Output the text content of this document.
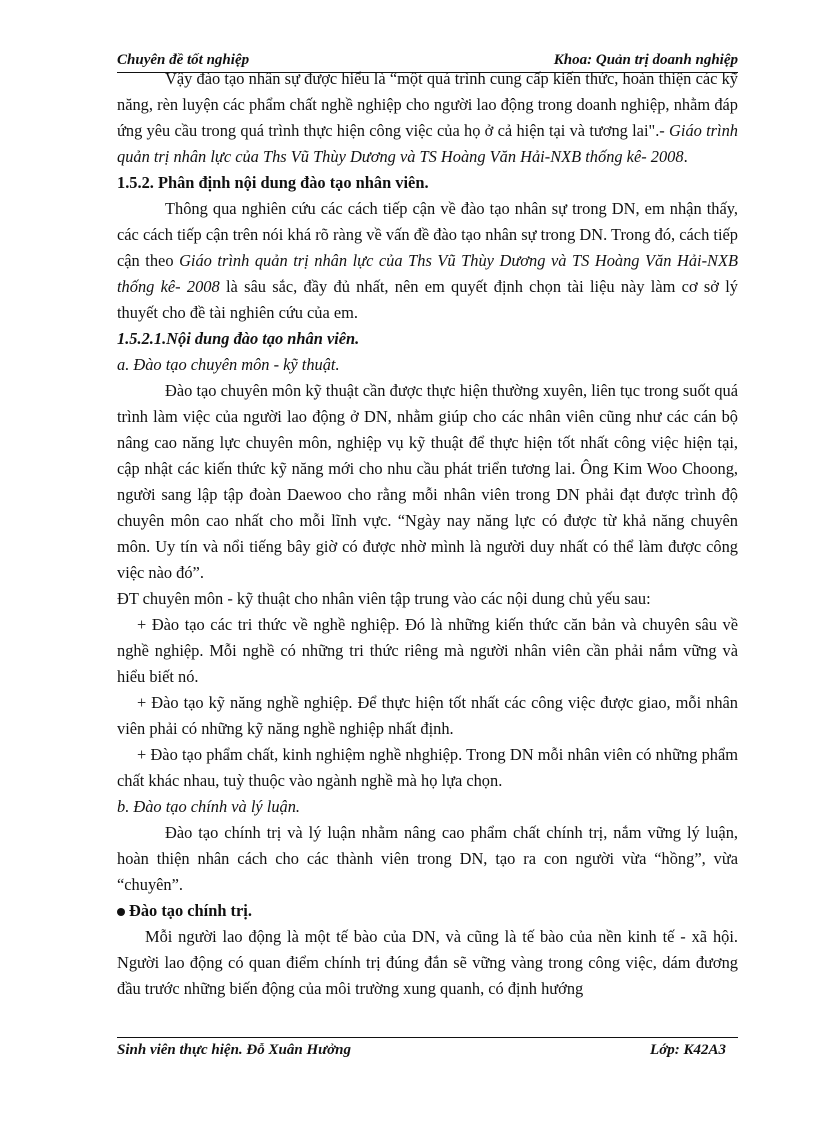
Chuyên đề tốt nghiệp	Khoa: Quản trị doanh nghiệp

Vậy đào tạo nhân sự được hiểu là “một quá trình cung cấp kiến thức, hoàn thiện các kỹ năng, rèn luyện các phẩm chất nghề nghiệp cho người lao động trong doanh nghiệp, nhằm đáp ứng yêu cầu trong quá trình thực hiện công việc của họ ở cả hiện tại và tương lai".- Giáo trình quản trị nhân lực của Ths Vũ Thùy Dương và TS Hoàng Văn Hải-NXB thống kê- 2008.

1.5.2. Phân định nội dung đào tạo nhân viên.

Thông qua nghiên cứu các cách tiếp cận về đào tạo nhân sự trong DN, em nhận thấy, các cách tiếp cận trên nói khá rõ ràng về vấn đề đào tạo nhân sự trong DN. Trong đó, cách tiếp cận theo Giáo trình quản trị nhân lực của Ths Vũ Thùy Dương và TS Hoàng Văn Hải-NXB thống kê- 2008 là sâu sắc, đầy đủ nhất, nên em quyết định chọn tài liệu này làm cơ sở lý thuyết cho đề tài nghiên cứu của em.

1.5.2.1.Nội dung đào tạo nhân viên.

a. Đào tạo chuyên môn - kỹ thuật.

Đào tạo chuyên môn kỹ thuật cần được thực hiện thường xuyên, liên tục trong suốt quá trình làm việc của người lao động ở DN, nhằm giúp cho các nhân viên cũng như các cán bộ nâng cao năng lực chuyên môn, nghiệp vụ kỹ thuật để thực hiện tốt nhất công việc hiện tại, cập nhật các kiến thức kỹ năng mới cho nhu cầu phát triển tương lai. Ông Kim Woo Choong, người sang lập tập đoàn Daewoo cho rằng mỗi nhân viên trong DN phải đạt được trình độ chuyên môn cao nhất cho mỗi lĩnh vực. “Ngày nay năng lực có được từ khả năng chuyên môn. Uy tín và nổi tiếng bây giờ có được nhờ mình là người duy nhất có thể làm được công việc nào đó”.

ĐT chuyên môn - kỹ thuật cho nhân viên tập trung vào các nội dung chủ yếu sau:

+ Đào tạo các tri thức về nghề nghiệp. Đó là những kiến thức căn bản và chuyên sâu về nghề nghiệp. Mỗi nghề có những tri thức riêng mà người nhân viên cần phải nắm vững và hiểu biết nó.

+ Đào tạo kỹ năng nghề nghiệp. Để thực hiện tốt nhất các công việc được giao, mỗi nhân viên phải có những kỹ năng nghề nghiệp nhất định.

+ Đào tạo phẩm chất, kinh nghiệm nghề nhghiệp. Trong DN mỗi nhân viên có những phẩm chất khác nhau, tuỳ thuộc vào ngành nghề mà họ lựa chọn.

b. Đào tạo chính và lý luận.

Đào tạo chính trị và lý luận nhằm nâng cao phẩm chất chính trị, nắm vững lý luận, hoàn thiện nhân cách cho các thành viên trong DN, tạo ra con người vừa “hồng”, vừa “chuyên”.

Đào tạo chính trị.

Mỗi người lao động là một tế bào của DN, và cũng là tế bào của nền kinh tế - xã hội. Người lao động có quan điểm chính trị đúng đắn sẽ vững vàng trong công việc, dám đương đầu trước những biến động của môi trường xung quanh, có định hướng

Sinh viên thực hiện. Đỗ Xuân Hưởng	Lớp: K42A3
